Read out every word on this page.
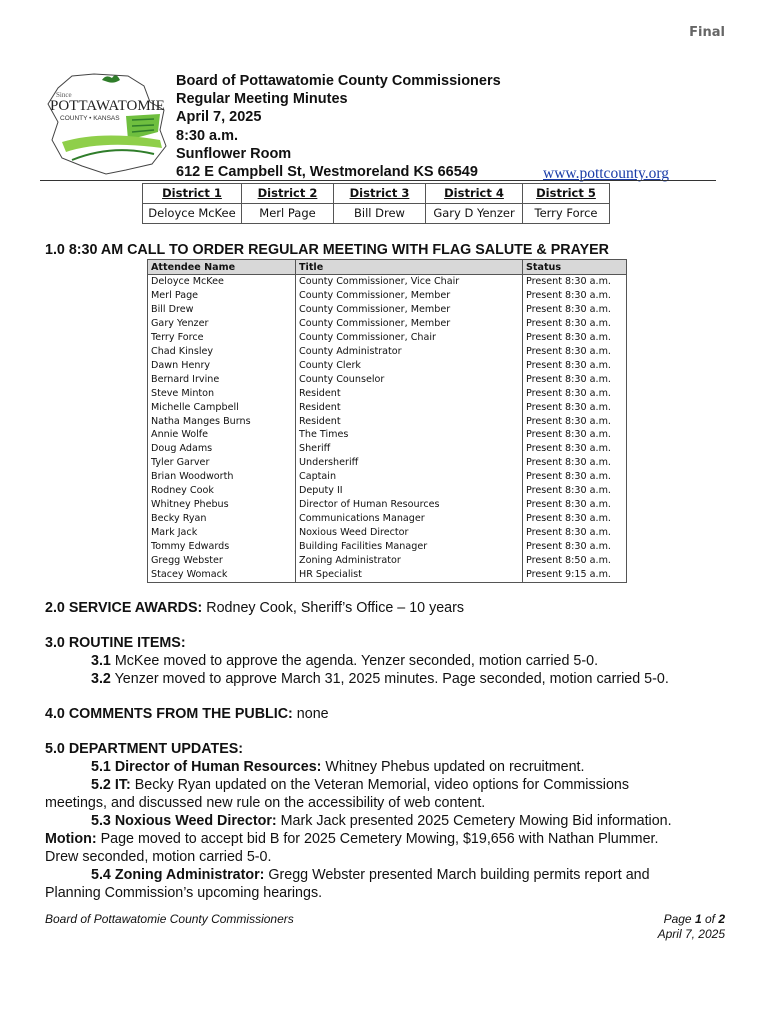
Final
Since
POTTAWATOMIE
COUNTY • KANSAS
Board of Pottawatomie County Commissioners
Regular Meeting Minutes
April 7, 2025
8:30 a.m.
Sunflower Room
612 E Campbell St, Westmoreland KS 66549	www.pottcounty.org
District 1	District 2	District 3	District 4	District 5
Deloyce McKee	Merl Page	Bill Drew	Gary D Yenzer	Terry Force
1.0 8:30 AM CALL TO ORDER REGULAR MEETING WITH FLAG SALUTE & PRAYER
Attendee Name	Title	Status
Deloyce McKee	County Commissioner, Vice Chair	Present 8:30 a.m.
Merl Page	County Commissioner, Member	Present 8:30 a.m.
Bill Drew	County Commissioner, Member	Present 8:30 a.m.
Gary Yenzer	County Commissioner, Member	Present 8:30 a.m.
Terry Force	County Commissioner, Chair	Present 8:30 a.m.
Chad Kinsley	County Administrator	Present 8:30 a.m.
Dawn Henry	County Clerk	Present 8:30 a.m.
Bernard Irvine	County Counselor	Present 8:30 a.m.
Steve Minton	Resident	Present 8:30 a.m.
Michelle Campbell	Resident	Present 8:30 a.m.
Natha Manges Burns	Resident	Present 8:30 a.m.
Annie Wolfe	The Times	Present 8:30 a.m.
Doug Adams	Sheriff	Present 8:30 a.m.
Tyler Garver	Undersheriff	Present 8:30 a.m.
Brian Woodworth	Captain	Present 8:30 a.m.
Rodney Cook	Deputy II	Present 8:30 a.m.
Whitney Phebus	Director of Human Resources	Present 8:30 a.m.
Becky Ryan	Communications Manager	Present 8:30 a.m.
Mark Jack	Noxious Weed Director	Present 8:30 a.m.
Tommy Edwards	Building Facilities Manager	Present 8:30 a.m.
Gregg Webster	Zoning Administrator	Present 8:50 a.m.
Stacey Womack	HR Specialist	Present 9:15 a.m.

2.0 SERVICE AWARDS: Rodney Cook, Sheriff’s Office – 10 years

3.0 ROUTINE ITEMS:

3.1 McKee moved to approve the agenda. Yenzer seconded, motion carried 5-0.

3.2 Yenzer moved to approve March 31, 2025 minutes. Page seconded, motion carried 5-0.

4.0 COMMENTS FROM THE PUBLIC: none

5.0 DEPARTMENT UPDATES:

5.1 Director of Human Resources: Whitney Phebus updated on recruitment.

5.2 IT: Becky Ryan updated on the Veteran Memorial, video options for Commissions

meetings, and discussed new rule on the accessibility of web content.

5.3 Noxious Weed Director: Mark Jack presented 2025 Cemetery Mowing Bid information.

Motion: Page moved to accept bid B for 2025 Cemetery Mowing, $19,656 with Nathan Plummer.

Drew seconded, motion carried 5-0.

5.4 Zoning Administrator: Gregg Webster presented March building permits report and

Planning Commission’s upcoming hearings.

Board of Pottawatomie County Commissioners	Page 1 of 2
April 7, 2025
